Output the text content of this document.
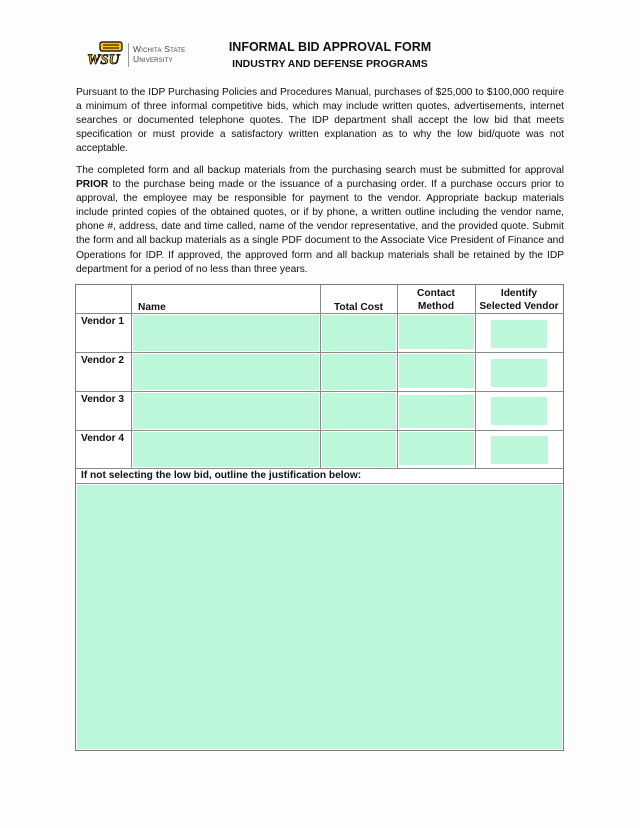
WSU
Wichita State
University
INFORMAL BID APPROVAL FORM
INDUSTRY AND DEFENSE PROGRAMS
Pursuant to the IDP Purchasing Policies and Procedures Manual, purchases of $25,000 to $100,000 require a minimum of three informal competitive bids, which may include written quotes, advertisements, internet searches or documented telephone quotes. The IDP department shall accept the low bid that meets specification or must provide a satisfactory written explanation as to why the low bid/quote was not acceptable.
The completed form and all backup materials from the purchasing search must be submitted for approval PRIOR to the purchase being made or the issuance of a purchasing order. If a purchase occurs prior to approval, the employee may be responsible for payment to the vendor. Appropriate backup materials include printed copies of the obtained quotes, or if by phone, a written outline including the vendor name, phone #, address, date and time called, name of the vendor representative, and the provided quote. Submit the form and all backup materials as a single PDF document to the Associate Vice President of Finance and Operations for IDP. If approved, the approved form and all backup materials shall be retained by the IDP department for a period of no less than three years.
Name	Total Cost
Contact
Method
Identify
Selected Vendor
Vendor 1
Vendor 2
Vendor 3
Vendor 4
If not selecting the low bid, outline the justification below:
